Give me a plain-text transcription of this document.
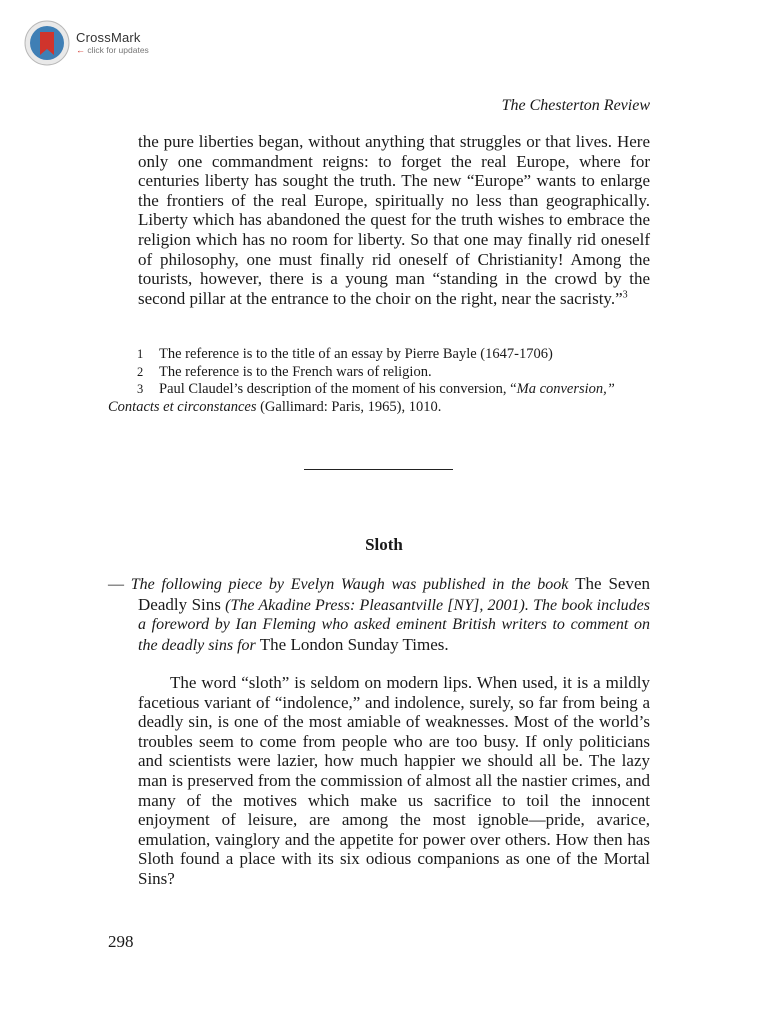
CrossMark
← click for updates
The Chesterton Review

the pure liberties began, without anything that struggles or that lives. Here only one commandment reigns: to forget the real Europe, where for centuries liberty has sought the truth. The new “Europe” wants to enlarge the frontiers of the real Europe, spiritually no less than geographically. Liberty which has abandoned the quest for the truth wishes to embrace the religion which has no room for liberty. So that one may finally rid oneself of philosophy, one must finally rid oneself of Christianity! Among the tourists, however, there is a young man “standing in the crowd by the second pillar at the entrance to the choir on the right, near the sacristy.”$^3$

1 The reference is to the title of an essay by Pierre Bayle (1647-1706)

2 The reference is to the French wars of religion.

3 Paul Claudel’s description of the moment of his conversion, “Ma conversion,”

Contacts et circonstances (Gallimard: Paris, 1965), 1010.

Sloth
— The following piece by Evelyn Waugh was published in the book The Seven Deadly Sins (The Akadine Press: Pleasantville [NY], 2001). The book includes a foreword by Ian Fleming who asked eminent British writers to comment on the deadly sins for The London Sunday Times.

The word “sloth” is seldom on modern lips. When used, it is a mildly facetious variant of “indolence,” and indolence, surely, so far from being a deadly sin, is one of the most amiable of weaknesses. Most of the world’s troubles seem to come from people who are too busy. If only politicians and scientists were lazier, how much happier we should all be. The lazy man is preserved from the commission of almost all the nastier crimes, and many of the motives which make us sacrifice to toil the innocent enjoyment of leisure, are among the most ignoble—pride, avarice, emulation, vainglory and the appetite for power over others. How then has Sloth found a place with its six odious companions as one of the Mortal Sins?

298
